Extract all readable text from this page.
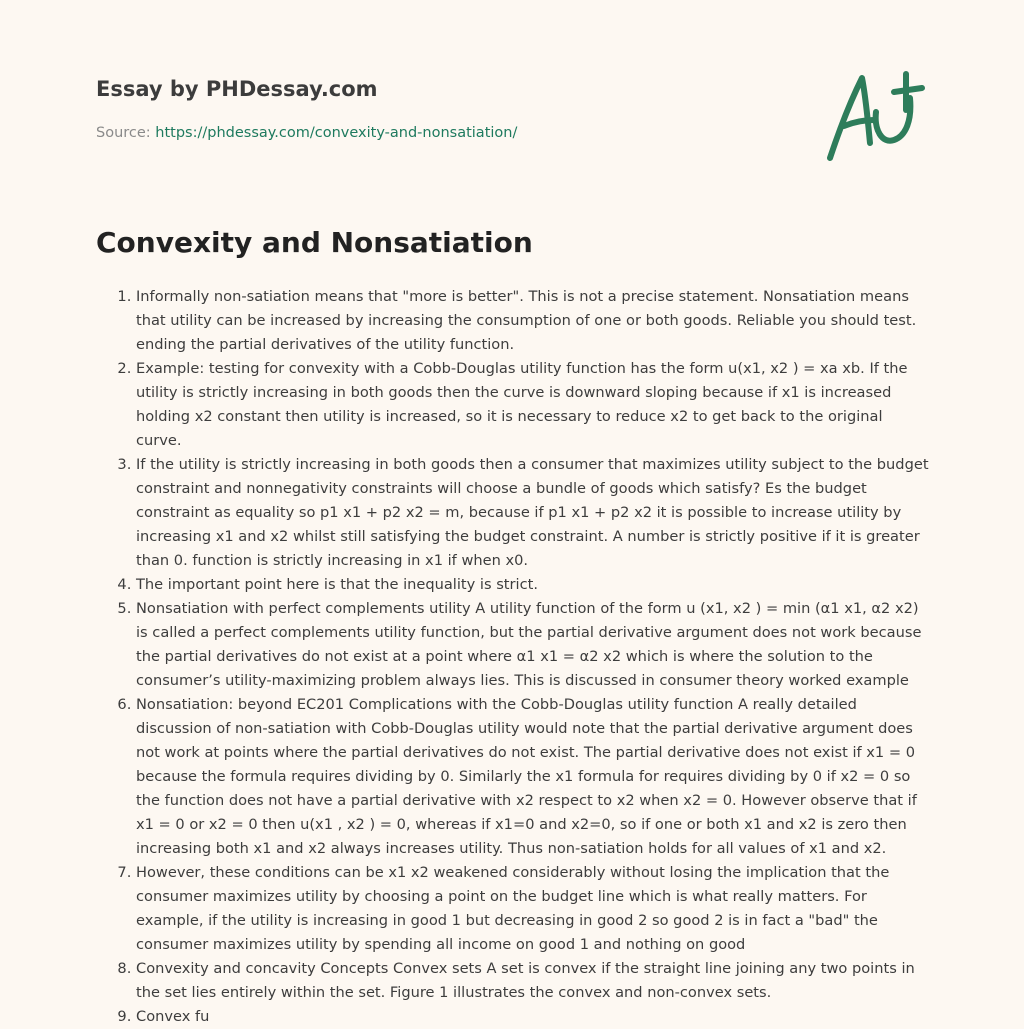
Essay by PHDessay.com
Source: https://phdessay.com/convexity-and-nonsatiation/
Convexity and Nonsatiation
1. Informally non-satiation means that "more is better". This is not a precise statement. Nonsatiation means that utility can be increased by increasing the consumption of one or both goods. Reliable you should test. ending the partial derivatives of the utility function.
2. Example: testing for convexity with a Cobb-Douglas utility function has the form u(x1, x2 ) = xa xb. If the utility is strictly increasing in both goods then the curve is downward sloping because if x1 is increased holding x2 constant then utility is increased, so it is necessary to reduce x2 to get back to the original curve.
3. If the utility is strictly increasing in both goods then a consumer that maximizes utility subject to the budget constraint and nonnegativity constraints will choose a bundle of goods which satisfy? Es the budget constraint as equality so p1 x1 + p2 x2 = m, because if p1 x1 + p2 x2 it is possible to increase utility by increasing x1 and x2 whilst still satisfying the budget constraint. A number is strictly positive if it is greater than 0. function is strictly increasing in x1 if when x0.
4. The important point here is that the inequality is strict.
5. Nonsatiation with perfect complements utility A utility function of the form u (x1, x2 ) = min (α1 x1, α2 x2) is called a perfect complements utility function, but the partial derivative argument does not work because the partial derivatives do not exist at a point where α1 x1 = α2 x2 which is where the solution to the consumer’s utility-maximizing problem always lies. This is discussed in consumer theory worked example
6. Nonsatiation: beyond EC201 Complications with the Cobb-Douglas utility function A really detailed discussion of non-satiation with Cobb-Douglas utility would note that the partial derivative argument does not work at points where the partial derivatives do not exist. The partial derivative does not exist if x1 = 0 because the formula requires dividing by 0. Similarly the x1 formula for requires dividing by 0 if x2 = 0 so the function does not have a partial derivative with x2 respect to x2 when x2 = 0. However observe that if x1 = 0 or x2 = 0 then u(x1 , x2 ) = 0, whereas if x1=0 and x2=0, so if one or both x1 and x2 is zero then increasing both x1 and x2 always increases utility. Thus non-satiation holds for all values of x1 and x2.
7. However, these conditions can be x1 x2 weakened considerably without losing the implication that the consumer maximizes utility by choosing a point on the budget line which is what really matters. For example, if the utility is increasing in good 1 but decreasing in good 2 so good 2 is in fact a "bad" the consumer maximizes utility by spending all income on good 1 and nothing on good
8. Convexity and concavity Concepts Convex sets A set is convex if the straight line joining any two points in the set lies entirely within the set. Figure 1 illustrates the convex and non-convex sets.
9. Convex fu
